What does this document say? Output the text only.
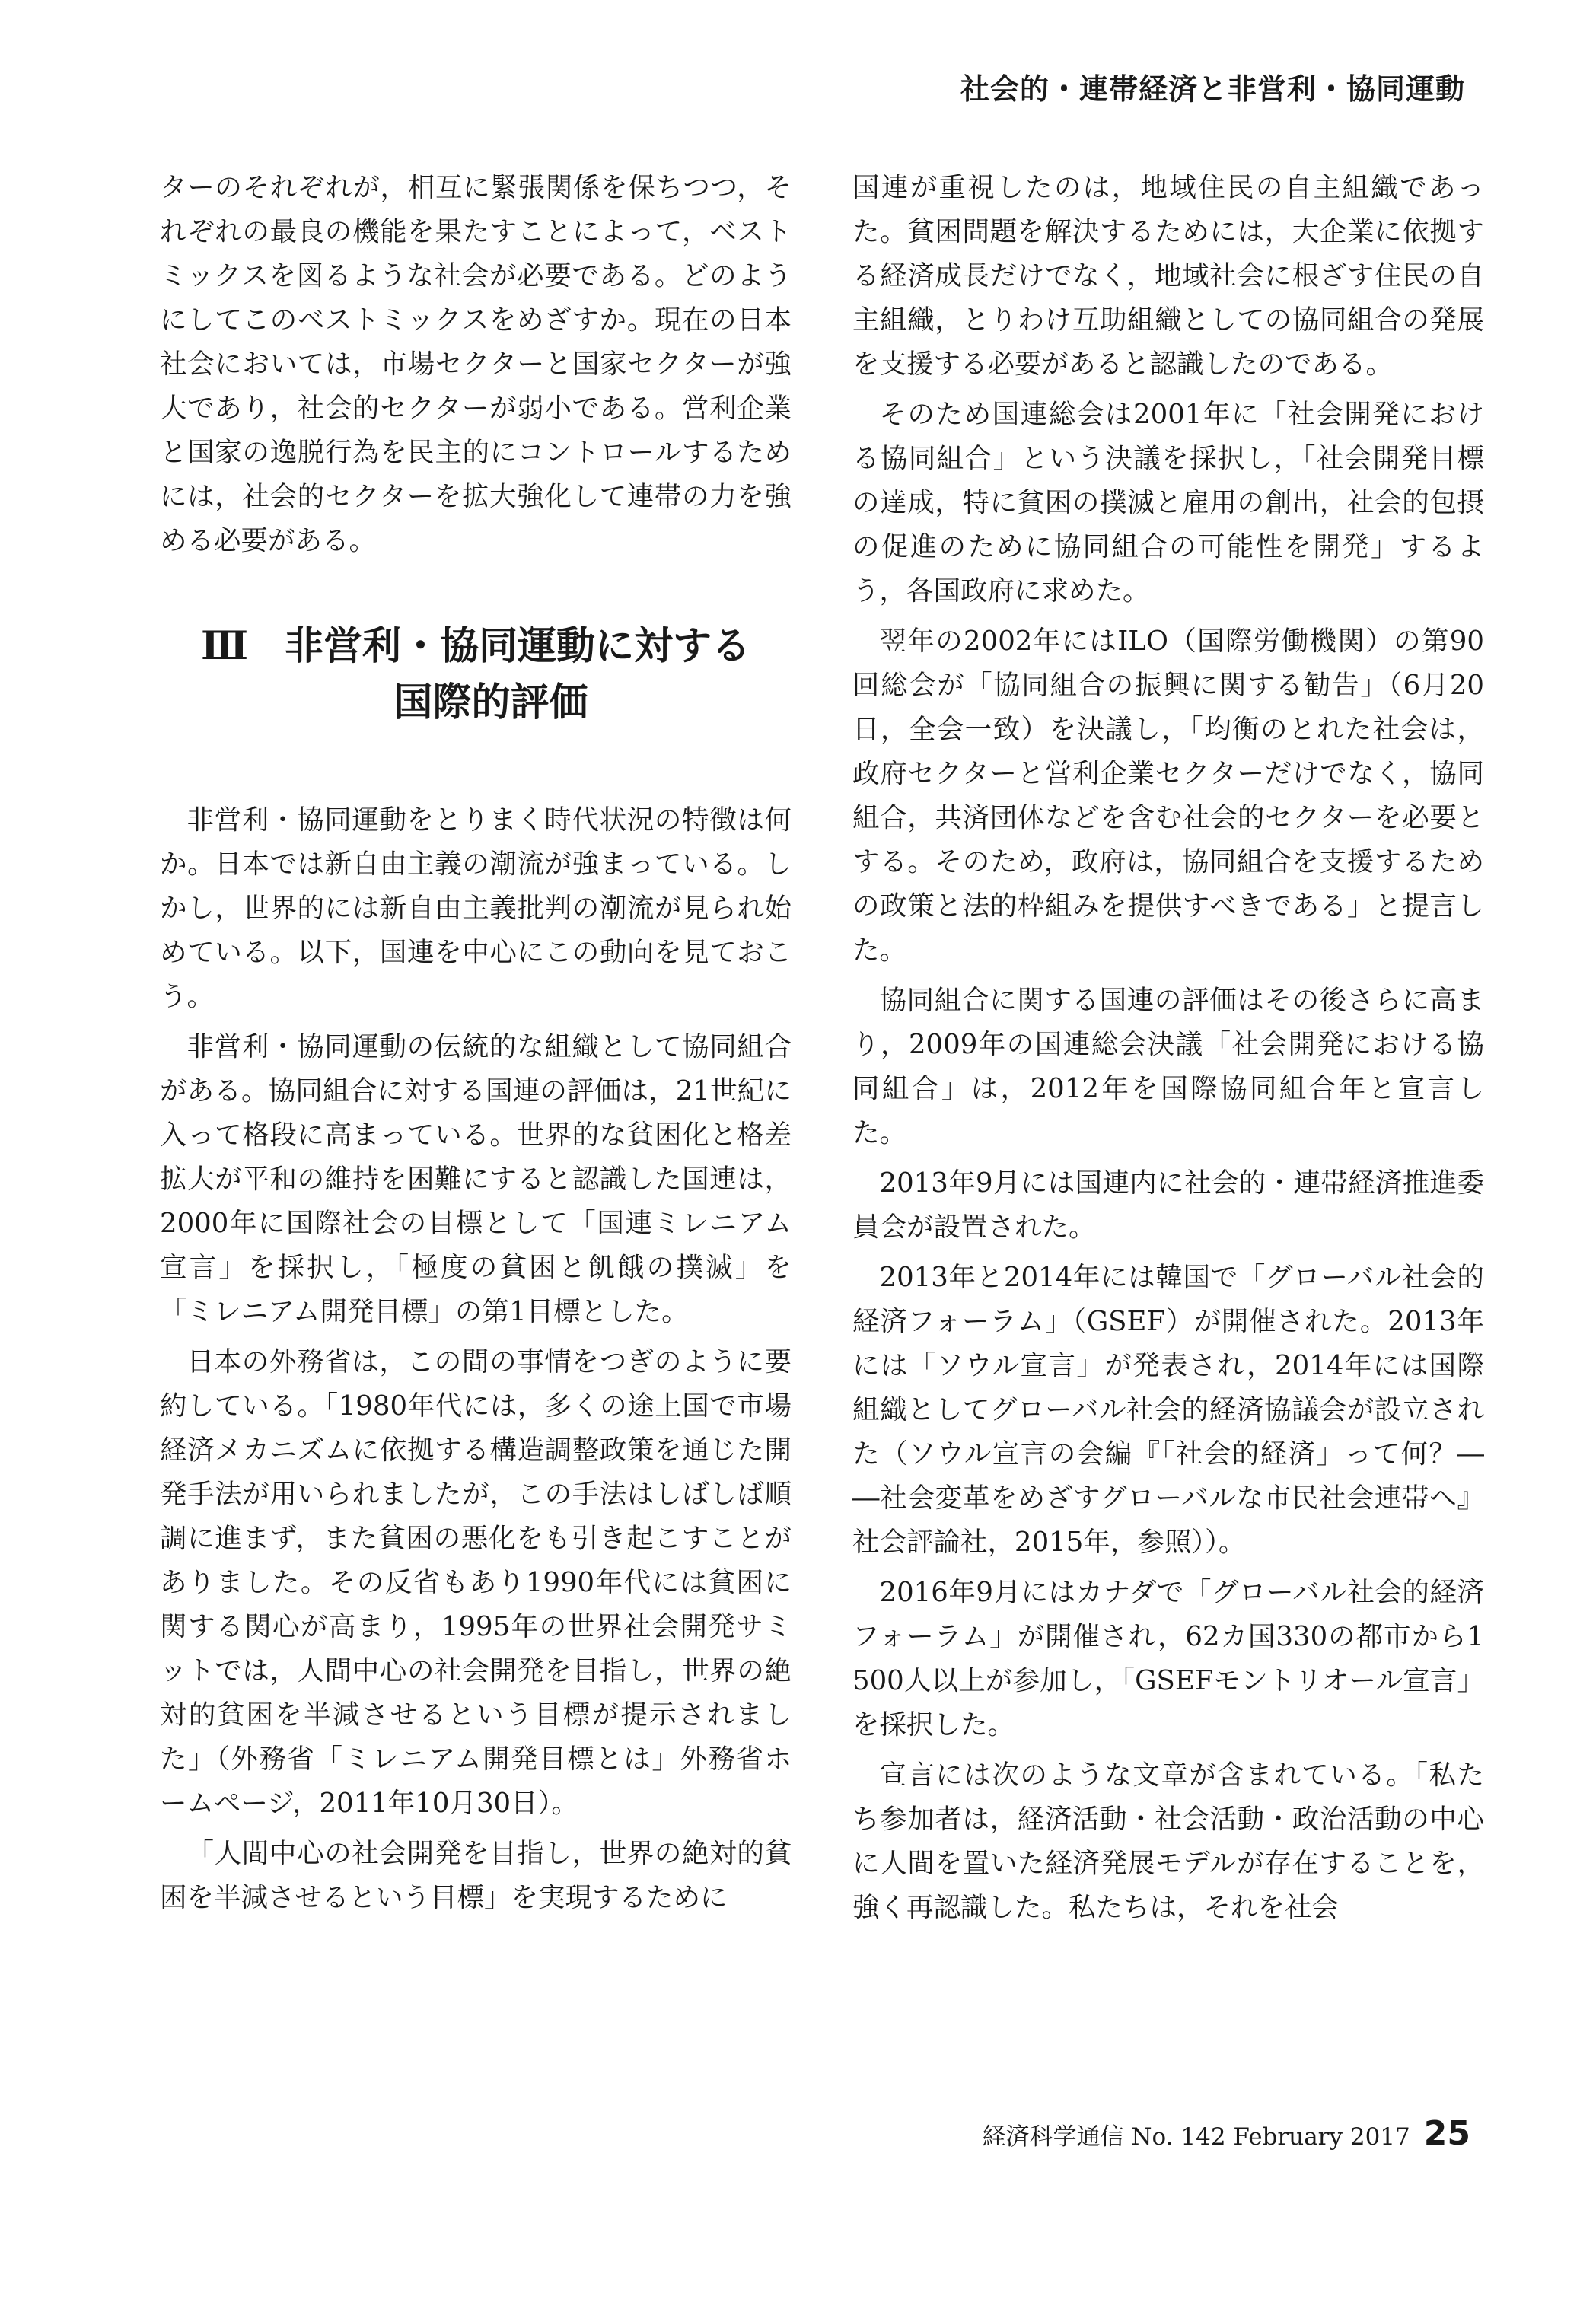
社会的・連帯経済と非営利・協同運動

ターのそれぞれが，相互に緊張関係を保ちつつ，それぞれの最良の機能を果たすことによって，ベストミックスを図るような社会が必要である。どのようにしてこのベストミックスをめざすか。現在の日本社会においては，市場セクターと国家セクターが強大であり，社会的セクターが弱小である。営利企業と国家の逸脱行為を民主的にコントロールするためには，社会的セクターを拡大強化して連帯の力を強める必要がある。

Ⅲ 非営利・協同運動に対する
国際的評価

非営利・協同運動をとりまく時代状況の特徴は何か。日本では新自由主義の潮流が強まっている。しかし，世界的には新自由主義批判の潮流が見られ始めている。以下，国連を中心にこの動向を見ておこう。

非営利・協同運動の伝統的な組織として協同組合がある。協同組合に対する国連の評価は，21世紀に入って格段に高まっている。世界的な貧困化と格差拡大が平和の維持を困難にすると認識した国連は，2000年に国際社会の目標として「国連ミレニアム宣言」を採択し，「極度の貧困と飢餓の撲滅」を「ミレニアム開発目標」の第1目標とした。

日本の外務省は，この間の事情をつぎのように要約している。「1980年代には，多くの途上国で市場経済メカニズムに依拠する構造調整政策を通じた開発手法が用いられましたが，この手法はしばしば順調に進まず，また貧困の悪化をも引き起こすことがありました。その反省もあり1990年代には貧困に関する関心が高まり，1995年の世界社会開発サミットでは，人間中心の社会開発を目指し，世界の絶対的貧困を半減させるという目標が提示されました」（外務省「ミレニアム開発目標とは」外務省ホームページ，2011年10月30日）。

「人間中心の社会開発を目指し，世界の絶対的貧困を半減させるという目標」を実現するために

国連が重視したのは，地域住民の自主組織であった。貧困問題を解決するためには，大企業に依拠する経済成長だけでなく，地域社会に根ざす住民の自主組織，とりわけ互助組織としての協同組合の発展を支援する必要があると認識したのである。

そのため国連総会は2001年に「社会開発における協同組合」という決議を採択し，「社会開発目標の達成，特に貧困の撲滅と雇用の創出，社会的包摂の促進のために協同組合の可能性を開発」するよう，各国政府に求めた。

翌年の2002年にはILO（国際労働機関）の第90回総会が「協同組合の振興に関する勧告」（6月20日，全会一致）を決議し，「均衡のとれた社会は，政府セクターと営利企業セクターだけでなく，協同組合，共済団体などを含む社会的セクターを必要とする。そのため，政府は，協同組合を支援するための政策と法的枠組みを提供すべきである」と提言した。

協同組合に関する国連の評価はその後さらに高まり，2009年の国連総会決議「社会開発における協同組合」は，2012年を国際協同組合年と宣言した。

2013年9月には国連内に社会的・連帯経済推進委員会が設置された。

2013年と2014年には韓国で「グローバル社会的経済フォーラム」（GSEF）が開催された。2013年には「ソウル宣言」が発表され，2014年には国際組織としてグローバル社会的経済協議会が設立された（ソウル宣言の会編『「社会的経済」って何？――社会変革をめざすグローバルな市民社会連帯へ』社会評論社，2015年，参照））。

2016年9月にはカナダで「グローバル社会的経済フォーラム」が開催され，62カ国330の都市から1500人以上が参加し，「GSEFモントリオール宣言」を採択した。

宣言には次のような文章が含まれている。「私たち参加者は，経済活動・社会活動・政治活動の中心に人間を置いた経済発展モデルが存在することを，強く再認識した。私たちは，それを社会

経済科学通信 No. 142 February 2017 25
